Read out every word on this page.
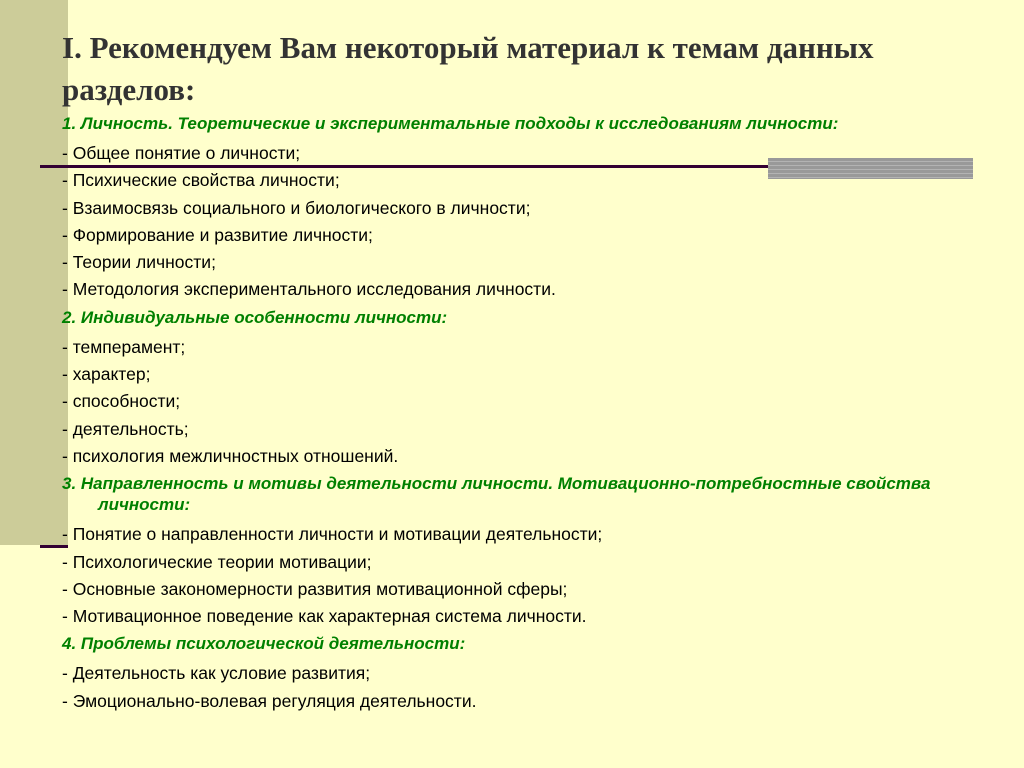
I. Рекомендуем Вам некоторый материал к темам данных разделов:
1. Личность. Теоретические и экспериментальные подходы к исследованиям личности:
- Общее понятие о личности;
- Психические свойства личности;
- Взаимосвязь социального и биологического в личности;
- Формирование и развитие личности;
- Теории личности;
- Методология экспериментального исследования личности.
2. Индивидуальные особенности личности:
- темперамент;
- характер;
- способности;
- деятельность;
- психология межличностных отношений.
3. Направленность и мотивы деятельности личности. Мотивационно-потребностные свойства личности:
- Понятие о направленности личности и мотивации деятельности;
- Психологические теории мотивации;
- Основные закономерности развития мотивационной сферы;
- Мотивационное поведение как характерная система личности.
4. Проблемы психологической деятельности:
- Деятельность как условие развития;
- Эмоционально-волевая регуляция деятельности.
